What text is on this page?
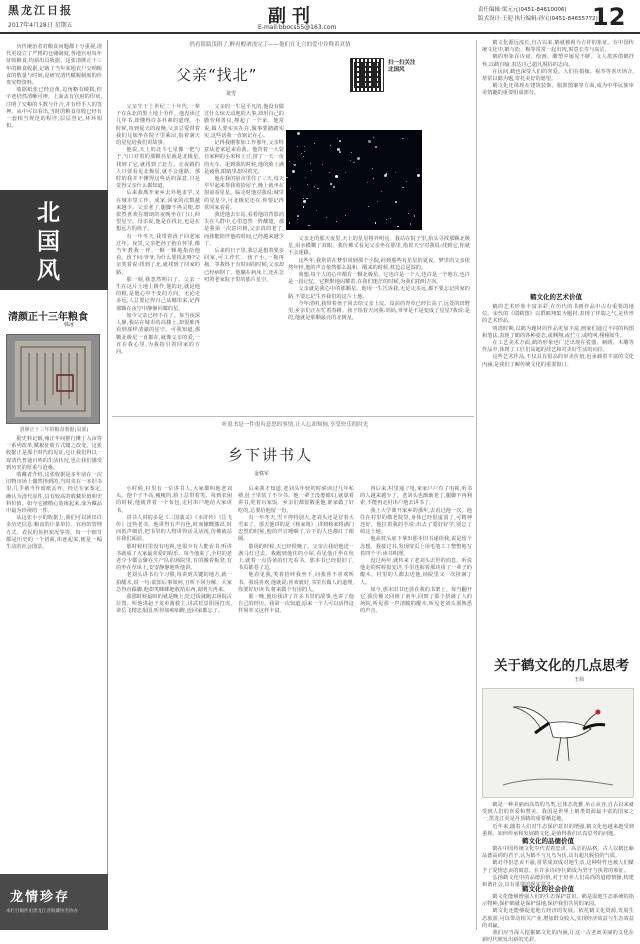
黑龙江日报
2017年4月28日 星期五	副刊
E-mail:bbocs55@163.com
责任编辑:梁元元(0451-84610006)
版式设计:王迎 执行编辑:孙宝(0451-84655772)
12

历代统治者对粮食问题都十分重视,清代更设立了严格的仓储制度,各地官府每年征收粮食,均须出具收据。这张清颜正十三年的粮食收据,记载了当年某地农户交纳粮食的数量与时间,是研究清代赋税制度的珍贵实物资料。

收据纸张已经泛黄,边角略有破损,但字迹仍然清晰可辨。上面盖有官府的印章,注明了交粮的斗数与升合,并有经手人的签押。从中可以看出,当时的粮食征收已经有一套相当规范的程序,层层登记,环环相扣。

北国风
清颜正十三年粮食
韩冰
清颜正十三年的粮食收据(局部)

据史料记载,雍正年间推行摊丁入亩等一系列改革,赋税征收方式随之改变。这张收据正是那个时代的见证,它让我们得以一窥清代普通百姓的生活状况,也让我们感受到历史的厚重与沧桑。

收藏者介绍,这张收据是多年前在一次旧物市场上偶然得到的,当时夹在一本旧书里,几乎被当作废纸丢弃。经过专家鉴定,确认为清代原件,具有较高的收藏价值和史料价值。如今它被精心装裱起来,成为藏品中最为珍视的一件。

从这张小小的收据上,我们可以读出许多历史信息:粮食的计量单位、官府的管理方式、农民的负担状况等等。每一个细节都是历史的一个切面,串连起来,便是一幅生动的社会图景。

龙情珍存
本栏目稿件由黑龙江省收藏协会协办
悄看银瓶浅斟了,醉看醇酒浇完了——他们在无言的爱中诠释着真情
父亲“找北”
龙雪
扫一扫关注北国风

父亲生于上世纪二十年代,一辈子在东北的黑土地上劳作。他没读过几年书,却懂得许多朴素的道理。小时候,每到夏天的夜晚,父亲总爱带着我们兄妹坐在院子里乘凉,指着满天的星星给我们讲故事。

他说,天上的北斗七星像一把勺子,勺口对着的那颗亮星就是北极星,找到了它,就找到了北方。走夜路的人只要看见北极星,就不会迷路。那时的我并不懂得这些话的深意,只是觉得父亲什么都知道。

后来我离开家乡去外地求学,又在城市里工作、成家,回家的次数越来越少。父亲老了,腿脚不再灵便,却依然喜欢在晴朗的夜晚坐在门口,仰望星空。母亲说,他是在找北,也是在想远方的孩子。

有一年冬天,我带着孩子回老家过年。夜里,父亲把孙子抱在怀里,像当年教我一样,一颗一颗地指给他看。孩子问:爷爷,为什么要找北呀?父亲笑着说:找到了北,就找到了回家的路。

那一刻,我忽然明白了。父亲一生在这片土地上耕作,他的北,就是他的根,是他心中不变的方向。无论走多远,人总要记得自己从哪里来,记得那颗在夜空中静静闪耀的星。

如今父亲已经不在了。每当夜深人静,我站在城市的高楼上,却很难再看到那样清澈的星空。可我知道,那颗北极星一直都在,就像父亲的爱,一直在我心里,为我指引着回家的方向。

父亲的一生是平凡的,他没有做过什么惊天动地的大事,却用自己的勤劳和善良,撑起了一个家。他常说,做人要实实在在,做事要踏踏实实,这些话我一直铭记在心。

记得我刚参加工作那年,父亲特意从老家赶来看我。他背着一大袋自家种的小米和土豆,挤了一天一夜的火车。见到我的时候,他的脸上满是疲惫,眼睛里却闪着光。

他在我的宿舍里住了三天,每天早早起来帮我收拾屋子,晚上就坐在窗前看星星。临走时他对我说:城里的星星少,可北极星还在,你要记得常回家看看。

我送他去车站,看着他的背影消失在人群中,心里忽然一阵酸楚。那是我第一次意识到,父亲真的老了,而我能陪伴他的时间,已经越来越少了。

后来的日子里,我总是想着要多回家,可工作忙、孩子小,一拖再拖。等我终于有时间的时候,父亲却已经病倒了。他躺在病床上,还在念叨着老家院子里的那片星空。

父亲走的那天夜里,天上的星星格外明亮。我站在院子里,抬头寻找那颗北极星,泪水模糊了双眼。我仿佛又看见父亲坐在那里,指着天空对我说:找到它,你就不会迷路。

这些年,我常常在梦里回到那个小院,回到那些有星星的夏夜。梦里的父亲依然年轻,他的声音依然那么温和。醒来的时候,枕边总是湿的。

我想,每个人的心中都有一颗北极星。它也许是一个人,也许是一个地方,也许是一段记忆。它默默地闪耀着,在我们迷茫的时候,为我们指明方向。

父亲就是我心中的那颗星。他用一生告诉我,无论走多远,都不要忘记回家的路,不要忘记生养我们的这片土地。

今年清明,我带着孩子回去给父亲上坟。坟前的青草已经长高了,远处的田野里,乡亲们正在忙着春耕。孩子指着天问我:妈妈,爷爷是不是变成了星星?我说:是的,他就是那颗最亮的北极星。

听说书是一件很有意思的事情,让人忘却烦恼,享受快乐的时光
乡下讲书人
金铁军

小时候,村里有一位讲书人,大家都叫他老刘头。他个子不高,瘦瘦的,脸上总带着笑。每到农闲的时候,他就背着一个布包,走村串户地给大家讲书。

讲书人讲的多是《三国演义》《水浒传》《岳飞传》这些老书。他讲得有声有色,时而慷慨激昂,时而低声细语,把书里的人物讲得活灵活现,仿佛就站在我们面前。

那时候村里没有电视,也很少有人能看书,听讲书就成了大家最喜爱的娱乐。每当他来了,全村的老老少少都会聚在生产队的场院里,有的搬着板凳,有的坐在草垛上,安安静静地听他讲。

老刘头讲书有个习惯,每讲到关键的地方,就一拍醒木,说一句:欲知后事如何,且听下回分解。大家急得直跺脚,他却笑眯眯地收拾东西,说明天再来。

我那时候最盼的就是晚上,吃过饭就跑去场院占位置。听他讲赵子龙单骑救主,讲武松景阳冈打虎,讲岳飞精忠报国,听得如痴如醉,连回家都忘了。

后来我才知道,老刘头年轻的时候读过几年私塾,肚子里装了不少书。他一辈子没娶媳妇,就靠着讲书,吃着百家饭。乡亲们都很敬重他,谁家做了好吃的,总要给他留一份。

有一年冬天,雪下得特别大,老刘头还是冒着大雪来了。那天他讲的是《杨家将》,讲到杨家将满门忠烈的时候,他的声音哽咽了,台下的人也都红了眼圈。

散场的时候,天已经很晚了。父亲让我给他送一盏马灯过去。我跑到他住的小屋,看见他正坐在炕上,就着一点昏黄的灯光看书。那本书已经很旧了,书页都卷了边。

他看见我,笑着招呼我坐下,问我喜不喜欢听书。我说喜欢,他就说:喜欢就好,书里有做人的道理,你要好好读书,将来做个有用的人。

那一晚,他给我讲了许多书里的故事,也讲了他自己的经历。我第一次知道,原来一个人可以活得这样简单又这样丰富。

再后来,村里通了电,家家户户有了电视,听书的人越来越少了。老刘头也渐渐老了,腿脚不再利索,不能再走村串户地去讲书了。

我上大学离开家乡的那年,去看过他一次。他住在村里的敬老院里,身体已经很虚弱了,可精神还好。他拉着我的手说:出去了要好好学,别忘了咱这土地。

他从枕头底下拿出那本旧书递给我,说是留个念想。我接过书,发现扉页上用毛笔工工整整地写着四个字:读书明理。

没过两年,就传来了老刘头去世的消息。听说他走的时候很安详,手里还握着那块用了一辈子的醒木。村里的人都去送他,场院里又一次挤满了人。

如今,那本旧书还放在我的书架上。每当翻开它,我仿佛又回到了童年,回到了那个挤满了人的场院,听见那一声清脆的醒木,听见老刘头那熟悉的声音。

鹤文化源远流长,自古以来,鹤就被视为吉祥的象征。在中国传统文化中,鹤与松、梅等常常一起出现,寓意长寿与高洁。

鹤的形象在诗词、绘画、雕塑中屡见不鲜。文人墨客借鹤抒怀,以鹤自喻,表达自己超凡脱俗的志向。

在民间,鹤也深受人们的喜爱。人们在婚嫁、祝寿等喜庆场合,常常以鹤为题,寄托美好的愿望。

鹤文化还体现在建筑装饰、服饰图案等方面,成为中华民族审美情趣的重要组成部分。

鹤文化的艺术价值

鹤的艺术形象丰富多彩,在历代的书画作品中占有重要的地位。宋代的《瑞鹤图》以群鹤翔集为题材,表现了祥瑞之气,是传世的艺术珍品。

明清时期,以鹤为题材的作品更加丰富,画家们通过不同的构图和笔法,表现了鹤的各种姿态,或翱翔,或伫立,或鸣叫,栩栩如生。

在工艺美术方面,鹤的形象也广泛出现在瓷器、刺绣、木雕等作品中,体现了工匠们高超的技艺和对美好生活的向往。

这些艺术作品,不仅具有很高的审美价值,也承载着丰富的文化内涵,是我们了解传统文化的重要窗口。

关于鹤文化的几点思考
王伟

鹤是一种美丽而高贵的鸟类,它体态优雅,举止从容,自古以来就受到人们的喜爱和赞美。我国是世界上鹤类资源最丰富的国家之一,黑龙江更是丹顶鹤的重要栖息地。

近年来,随着人们对生态保护意识的增强,鹤文化也越来越受到重视。如何传承和发展鹤文化,是值得我们认真思考的问题。

鹤文化的品德价值

鹤在中国传统文化中代表着忠贞、高洁的品格。古人以鹤比喻品德高尚的君子,认为鹤不与凡鸟为伍,具有超凡脱俗的气质。

鹤对伴侣忠贞不渝,常常成双成对地生活,这种特性也被人们赋予了爱情忠贞的寓意。在许多诗词中,鹤成为坚守与执着的象征。

弘扬鹤文化中的品德价值,对于培养人们高尚的道德情操,构建和谐社会,具有重要的现实意义。

鹤文化的社会价值

鹤文化能够增强人们的生态保护意识。鹤是湿地生态系统的指示物种,保护鹤就是保护湿地,保护我们共同的家园。

鹤文化还能够促进地方经济的发展。依托鹤文化资源,发展生态旅游,可以带动相关产业,增加群众收入,实现经济效益与生态效益的双赢。

我们应当深入挖掘鹤文化的内涵,让这一古老而美丽的文化在新时代焕发出新的光彩。
